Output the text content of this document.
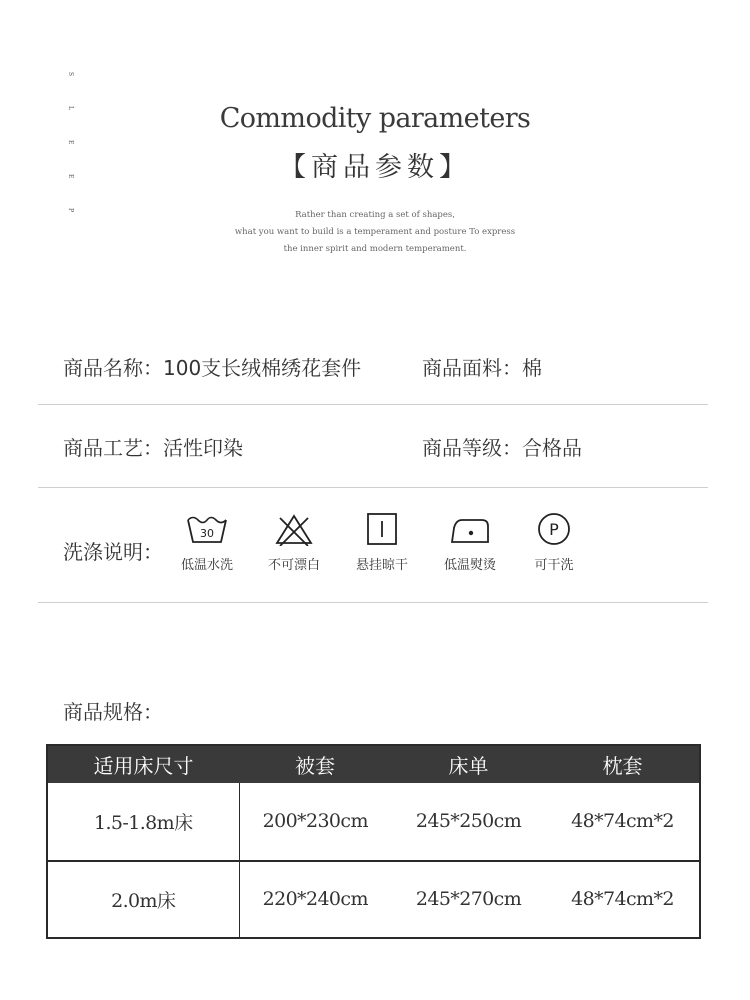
S
L
E
E
P
Commodity parameters
【商品参数】
Rather than creating a set of shapes,
what you want to build is a temperament and posture To express
the inner spirit and modern temperament.
商品名称：100支长绒棉绣花套件	商品面料：棉
商品工艺：活性印染	商品等级：合格品
洗涤说明：
30
低温水洗	不可漂白	悬挂晾干	低温熨烫
P
可干洗
商品规格：
适用床尺寸	被套	床单	枕套
1.5-1.8m床	200*230cm	245*250cm	48*74cm*2
2.0m床	220*240cm	245*270cm	48*74cm*2
